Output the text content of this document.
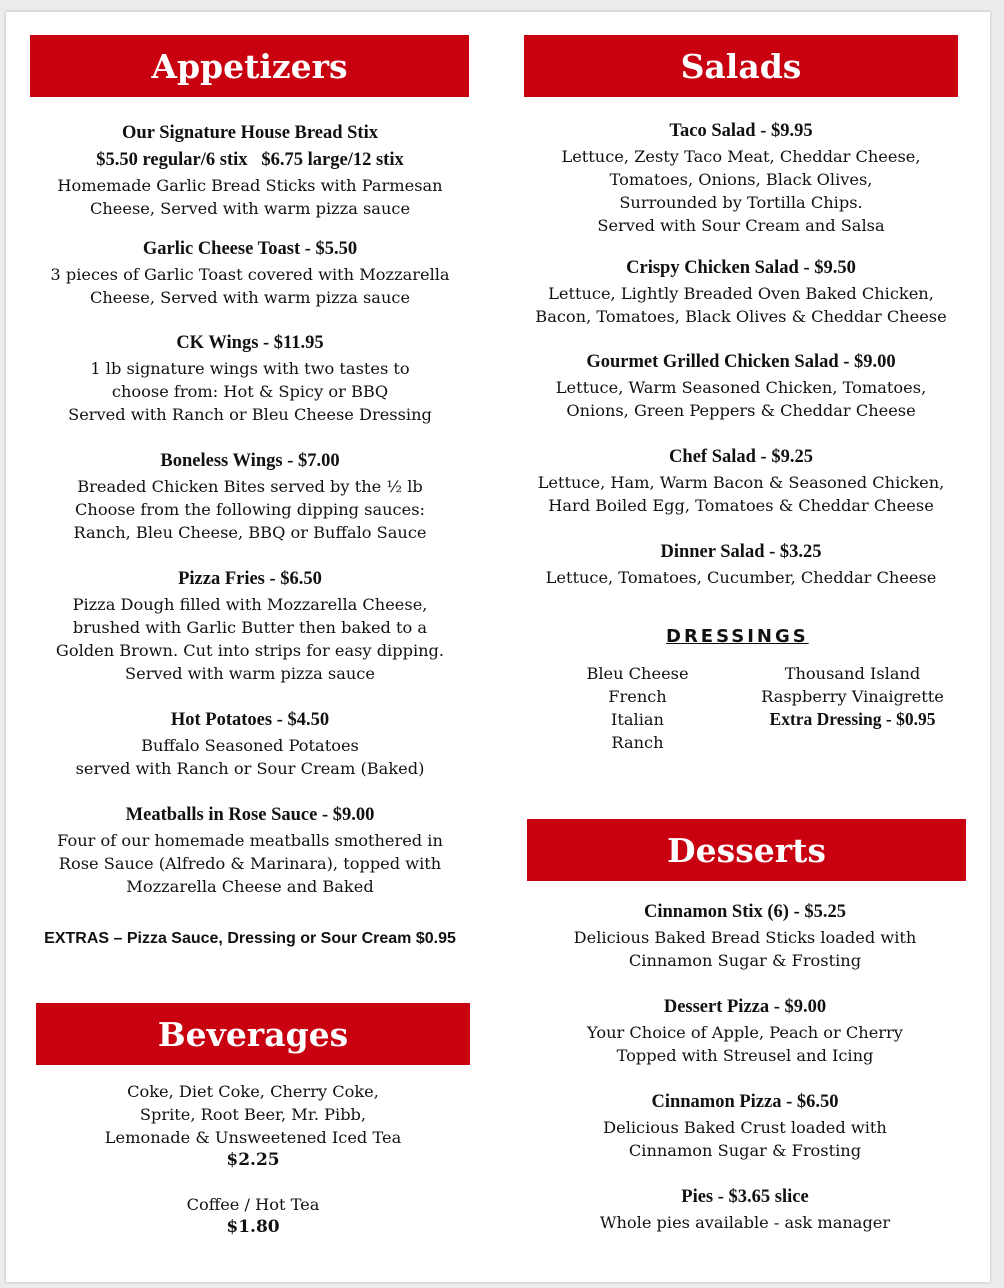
Appetizers
Our Signature House Bread Stix
$5.50 regular/6 stix   $6.75 large/12 stix

Homemade Garlic Bread Sticks with Parmesan
Cheese, Served with warm pizza sauce

Garlic Cheese Toast - $5.50

3 pieces of Garlic Toast covered with Mozzarella
Cheese, Served with warm pizza sauce

CK Wings - $11.95

1 lb signature wings with two tastes to
choose from: Hot & Spicy or BBQ
Served with Ranch or Bleu Cheese Dressing

Boneless Wings - $7.00

Breaded Chicken Bites served by the ½ lb
Choose from the following dipping sauces:
Ranch, Bleu Cheese, BBQ or Buffalo Sauce

Pizza Fries - $6.50

Pizza Dough filled with Mozzarella Cheese,
brushed with Garlic Butter then baked to a
Golden Brown. Cut into strips for easy dipping.
Served with warm pizza sauce

Hot Potatoes - $4.50

Buffalo Seasoned Potatoes
served with Ranch or Sour Cream (Baked)

Meatballs in Rose Sauce - $9.00

Four of our homemade meatballs smothered in
Rose Sauce (Alfredo & Marinara), topped with
Mozzarella Cheese and Baked

EXTRAS – Pizza Sauce, Dressing or Sour Cream $0.95
Beverages
Coke, Diet Coke, Cherry Coke,
Sprite, Root Beer, Mr. Pibb,
Lemonade & Unsweetened Iced Tea
$2.25
Coffee / Hot Tea
$1.80
Salads
Taco Salad - $9.95

Lettuce, Zesty Taco Meat, Cheddar Cheese,
Tomatoes, Onions, Black Olives,
Surrounded by Tortilla Chips.
Served with Sour Cream and Salsa

Crispy Chicken Salad - $9.50

Lettuce, Lightly Breaded Oven Baked Chicken,
Bacon, Tomatoes, Black Olives & Cheddar Cheese

Gourmet Grilled Chicken Salad - $9.00

Lettuce, Warm Seasoned Chicken, Tomatoes,
Onions, Green Peppers & Cheddar Cheese

Chef Salad - $9.25

Lettuce, Ham, Warm Bacon & Seasoned Chicken,
Hard Boiled Egg, Tomatoes & Cheddar Cheese

Dinner Salad - $3.25

Lettuce, Tomatoes, Cucumber, Cheddar Cheese

DRESSINGS
Bleu Cheese
French
Italian
Ranch
Thousand Island
Raspberry Vinaigrette
Extra Dressing - $0.95
Desserts
Cinnamon Stix (6) - $5.25

Delicious Baked Bread Sticks loaded with
Cinnamon Sugar & Frosting

Dessert Pizza - $9.00

Your Choice of Apple, Peach or Cherry
Topped with Streusel and Icing

Cinnamon Pizza - $6.50

Delicious Baked Crust loaded with
Cinnamon Sugar & Frosting

Pies - $3.65 slice

Whole pies available - ask manager
